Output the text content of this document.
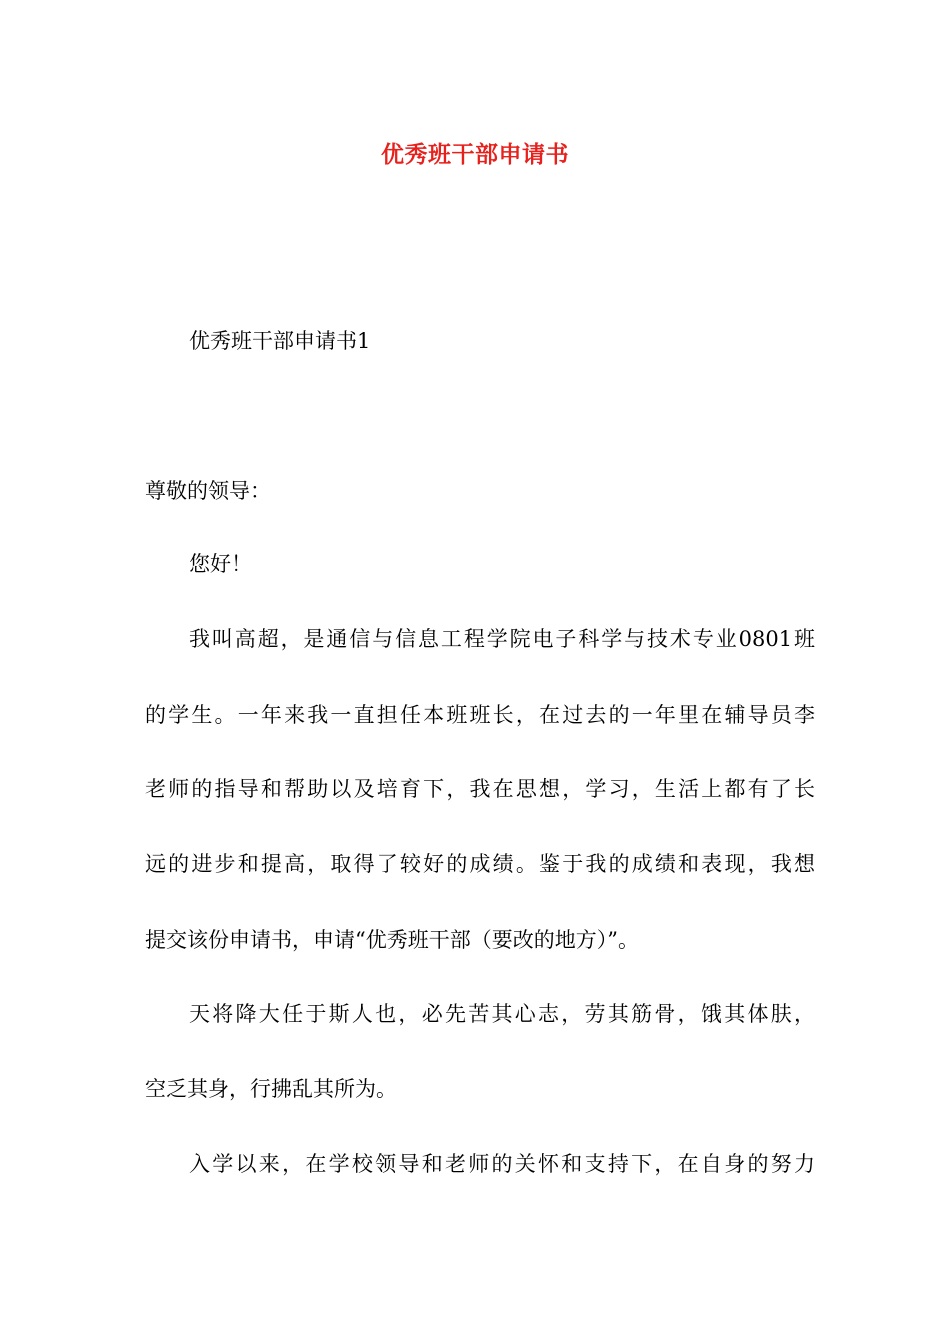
优秀班干部申请书
优秀班干部申请书1
尊敬的领导：
您好！
我叫高超，是通信与信息工程学院电子科学与技术专业0801班
的学生。一年来我一直担任本班班长，在过去的一年里在辅导员李
老师的指导和帮助以及培育下，我在思想，学习，生活上都有了长
远的进步和提高，取得了较好的成绩。鉴于我的成绩和表现，我想
提交该份申请书，申请“优秀班干部（要改的地方）”。
天将降大任于斯人也，必先苦其心志，劳其筋骨，饿其体肤，
空乏其身，行拂乱其所为。
入学以来，在学校领导和老师的关怀和支持下，在自身的努力
